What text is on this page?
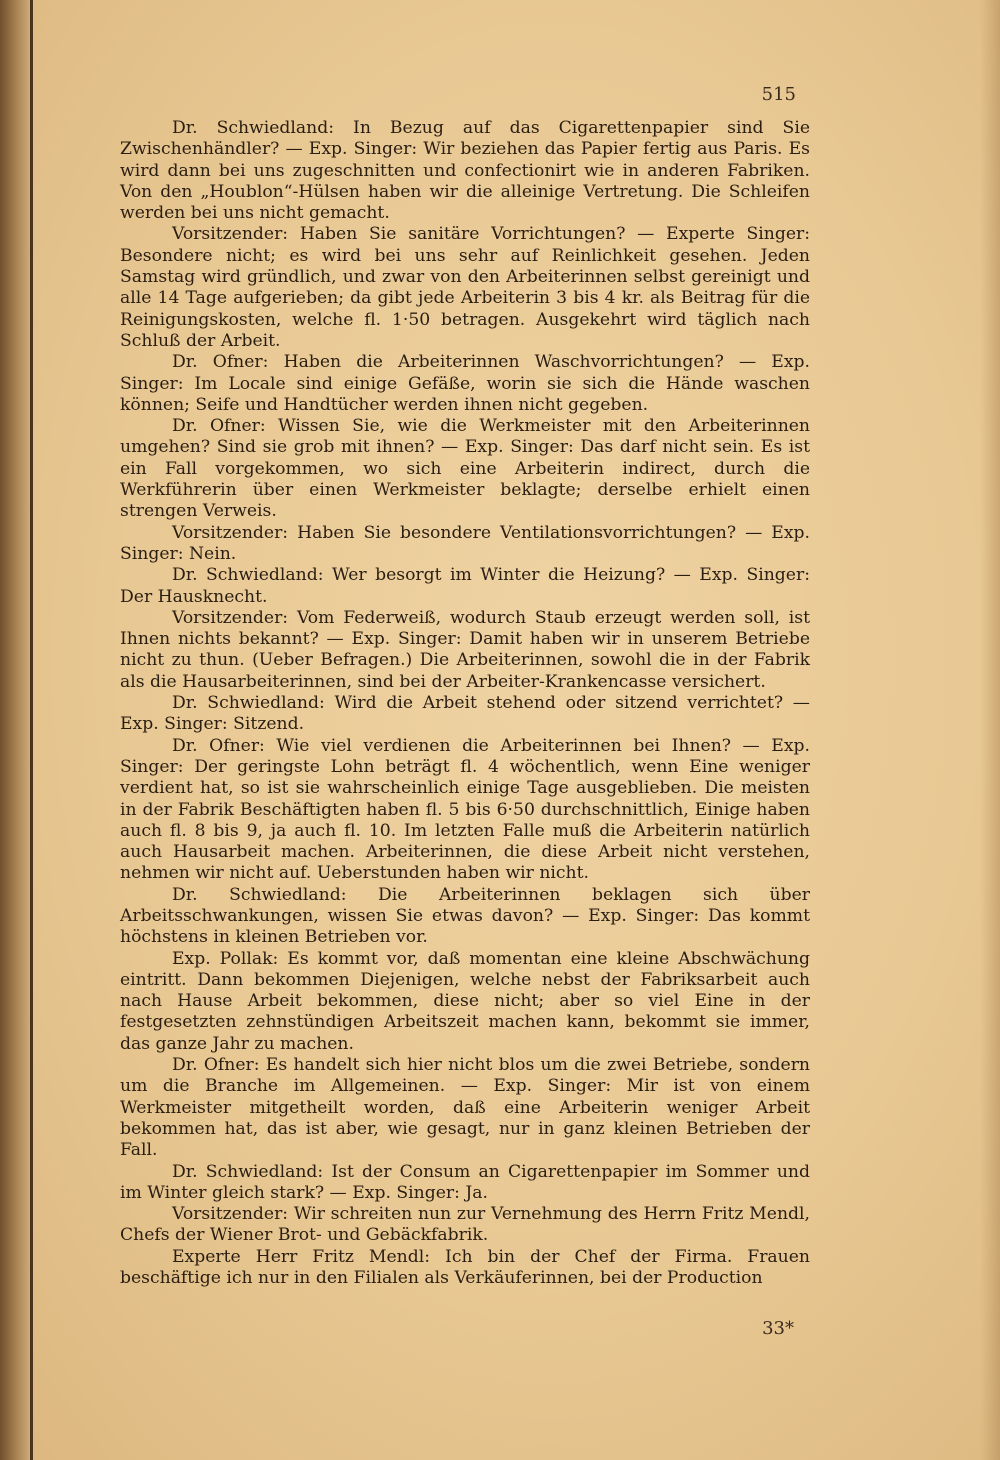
515

Dr. Schwiedland: In Bezug auf das Cigarettenpapier sind Sie Zwischenhändler? — Exp. Singer: Wir beziehen das Papier fertig aus Paris. Es wird dann bei uns zugeschnitten und confectionirt wie in anderen Fabriken. Von den „Houblon“-Hülsen haben wir die alleinige Vertretung. Die Schleifen werden bei uns nicht gemacht.

Vorsitzender: Haben Sie sanitäre Vorrichtungen? — Experte Singer: Besondere nicht; es wird bei uns sehr auf Reinlichkeit gesehen. Jeden Samstag wird gründlich, und zwar von den Arbeiterinnen selbst gereinigt und alle 14 Tage aufgerieben; da gibt jede Arbeiterin 3 bis 4 kr. als Beitrag für die Reinigungskosten, welche fl. 1·50 betragen. Ausgekehrt wird täglich nach Schluß der Arbeit.

Dr. Ofner: Haben die Arbeiterinnen Waschvorrichtungen? — Exp. Singer: Im Locale sind einige Gefäße, worin sie sich die Hände waschen können; Seife und Handtücher werden ihnen nicht gegeben.

Dr. Ofner: Wissen Sie, wie die Werkmeister mit den Arbeiterinnen umgehen? Sind sie grob mit ihnen? — Exp. Singer: Das darf nicht sein. Es ist ein Fall vorgekommen, wo sich eine Arbeiterin indirect, durch die Werkführerin über einen Werkmeister beklagte; derselbe erhielt einen strengen Verweis.

Vorsitzender: Haben Sie besondere Ventilationsvorrichtungen? — Exp. Singer: Nein.

Dr. Schwiedland: Wer besorgt im Winter die Heizung? — Exp. Singer: Der Hausknecht.

Vorsitzender: Vom Federweiß, wodurch Staub erzeugt werden soll, ist Ihnen nichts bekannt? — Exp. Singer: Damit haben wir in unserem Betriebe nicht zu thun. (Ueber Befragen.) Die Arbeiterinnen, sowohl die in der Fabrik als die Hausarbeiterinnen, sind bei der Arbeiter-Krankencasse versichert.

Dr. Schwiedland: Wird die Arbeit stehend oder sitzend verrichtet? — Exp. Singer: Sitzend.

Dr. Ofner: Wie viel verdienen die Arbeiterinnen bei Ihnen? — Exp. Singer: Der geringste Lohn beträgt fl. 4 wöchentlich, wenn Eine weniger verdient hat, so ist sie wahrscheinlich einige Tage ausgeblieben. Die meisten in der Fabrik Beschäftigten haben fl. 5 bis 6·50 durchschnittlich, Einige haben auch fl. 8 bis 9, ja auch fl. 10. Im letzten Falle muß die Arbeiterin natürlich auch Hausarbeit machen. Arbeiterinnen, die diese Arbeit nicht verstehen, nehmen wir nicht auf. Ueberstunden haben wir nicht.

Dr. Schwiedland: Die Arbeiterinnen beklagen sich über Arbeitsschwankungen, wissen Sie etwas davon? — Exp. Singer: Das kommt höchstens in kleinen Betrieben vor.

Exp. Pollak: Es kommt vor, daß momentan eine kleine Abschwächung eintritt. Dann bekommen Diejenigen, welche nebst der Fabriksarbeit auch nach Hause Arbeit bekommen, diese nicht; aber so viel Eine in der festgesetzten zehnstündigen Arbeitszeit machen kann, bekommt sie immer, das ganze Jahr zu machen.

Dr. Ofner: Es handelt sich hier nicht blos um die zwei Betriebe, sondern um die Branche im Allgemeinen. — Exp. Singer: Mir ist von einem Werkmeister mitgetheilt worden, daß eine Arbeiterin weniger Arbeit bekommen hat, das ist aber, wie gesagt, nur in ganz kleinen Betrieben der Fall.

Dr. Schwiedland: Ist der Consum an Cigarettenpapier im Sommer und im Winter gleich stark? — Exp. Singer: Ja.

Vorsitzender: Wir schreiten nun zur Vernehmung des Herrn Fritz Mendl, Chefs der Wiener Brot- und Gebäckfabrik.

Experte Herr Fritz Mendl: Ich bin der Chef der Firma. Frauen beschäftige ich nur in den Filialen als Verkäuferinnen, bei der Production

33*
